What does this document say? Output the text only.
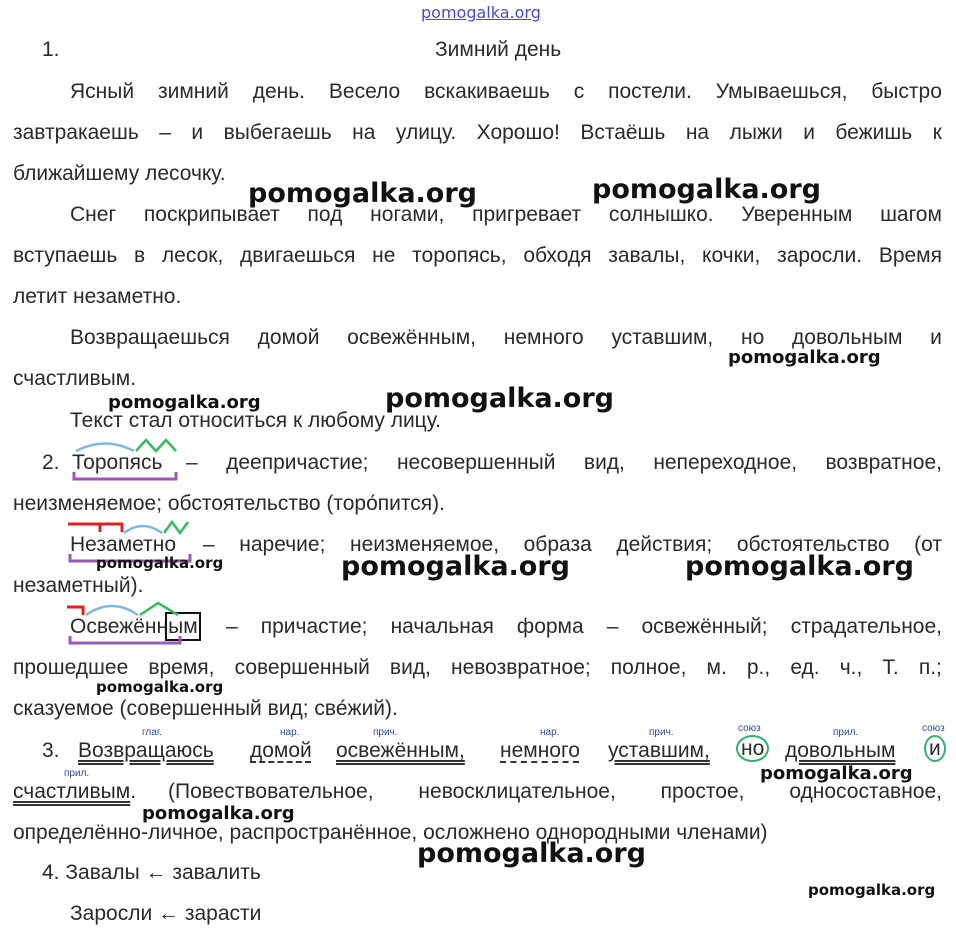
pomogalka.org
1.	Зимний день
Ясный зимний день. Весело вскакиваешь с постели. Умываешься, быстро
завтракаешь – и выбегаешь на улицу. Хорошо! Встаёшь на лыжи и бежишь к
ближайшему лесочку.
Снег поскрипывает под ногами, пригревает солнышко. Уверенным шагом
вступаешь в лесок, двигаешься не торопясь, обходя завалы, кочки, заросли. Время
летит незаметно.
Возвращаешься домой освежённым, немного уставшим, но довольным и
счастливым.
Текст стал относиться к любому лицу.
2. Торопясь – деепричастие; несовершенный вид, непереходное, возвратное,
неизменяемое; обстоятельство (торо́пится).
Незаметно – наречие; неизменяемое, образа действия; обстоятельство (от
незаметный).
Освежённым – причастие; начальная форма – освежённый; страдательное,
прошедшее время, совершенный вид, невозвратное; полное, м. р., ед. ч., Т. п.;
сказуемое (совершенный вид; све́жий).
3.
глаг.	нар.	прич.	нар.	прич.	союз	прил.	союз
Возвращаюсь домой освежённым, немного уставшим, но довольным и
прил.
счастливым. (Повествовательное, невосклицательное, простое, односоставное,
определённо-личное, распространённое, осложнено однородными членами)
4. Завалы ← завалить
Заросли ← зарасти
pomogalka.org	pomogalka.org
pomogalka.org
pomogalka.org	pomogalka.org
pomogalka.org	pomogalka.org	pomogalka.org
pomogalka.org
pomogalka.org
pomogalka.org
pomogalka.org
pomogalka.org
